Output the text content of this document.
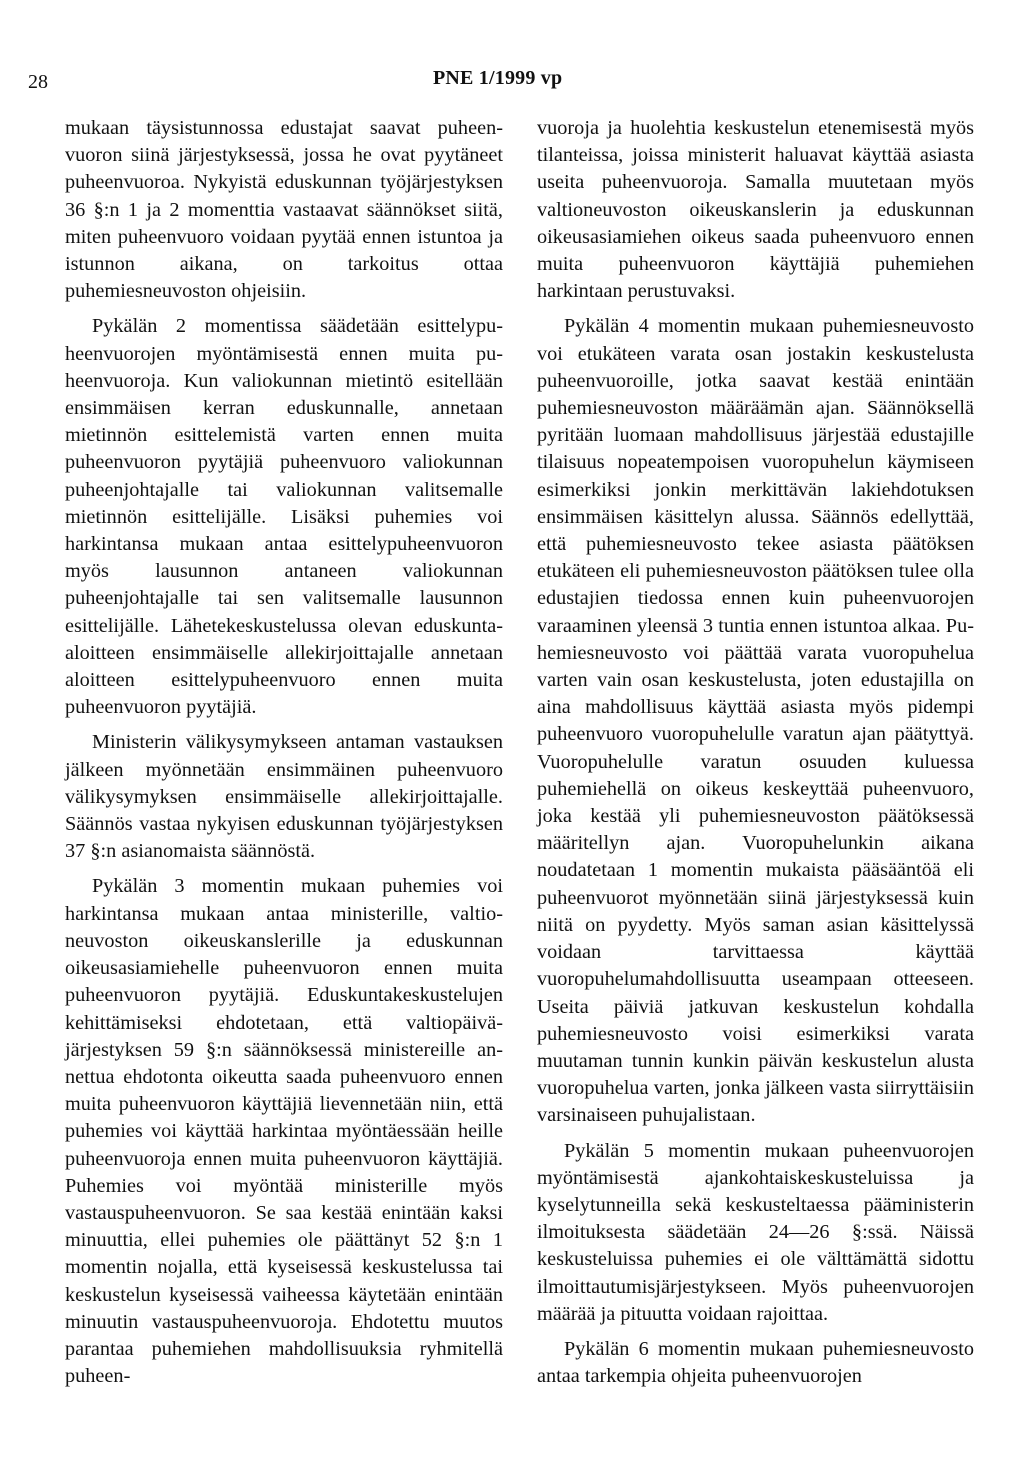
28	PNE 1/1999 vp

mukaan täysistunnossa edustajat saavat puheenvuoron siinä järjestyksessä, jossa he ovat pyytäneet puheenvuoroa. Nykyistä eduskunnan työjärjestyksen 36 §:n 1 ja 2 momenttia vastaavat säännökset siitä, miten puheenvuoro voidaan pyytää ennen istuntoa ja istunnon aikana, on tarkoitus ottaa puhemiesneuvoston ohjeisiin.

Pykälän 2 momentissa säädetään esittelypuheenvuorojen myöntämisestä ennen muita puheenvuoroja. Kun valiokunnan mietintö esitellään ensimmäisen kerran eduskunnalle, annetaan mietinnön esittelemistä varten ennen muita puheenvuoron pyytäjiä puheenvuoro valiokunnan puheenjohtajalle tai valiokunnan valitsemalle mietinnön esittelijälle. Lisäksi puhemies voi harkintansa mukaan antaa esittelypuheenvuoron myös lausunnon antaneen valiokunnan puheenjohtajalle tai sen valitsemalle lausunnon esittelijälle. Lähetekeskustelussa olevan eduskunta-aloitteen ensimmäiselle allekirjoittajalle annetaan aloitteen esittelypuheenvuoro ennen muita puheenvuoron pyytäjiä.

Ministerin välikysymykseen antaman vastauksen jälkeen myönnetään ensimmäinen puheenvuoro välikysymyksen ensimmäiselle allekirjoittajalle. Säännös vastaa nykyisen eduskunnan työjärjestyksen 37 §:n asianomaista säännöstä.

Pykälän 3 momentin mukaan puhemies voi harkintansa mukaan antaa ministerille, valtioneuvoston oikeuskanslerille ja eduskunnan oikeusasiamiehelle puheenvuoron ennen muita puheenvuoron pyytäjiä. Eduskuntakeskustelujen kehittämiseksi ehdotetaan, että valtiopäiväjärjestyksen 59 §:n säännöksessä ministereille annettua ehdotonta oikeutta saada puheenvuoro ennen muita puheenvuoron käyttäjiä lievennetään niin, että puhemies voi käyttää harkintaa myöntäessään heille puheenvuoroja ennen muita puheenvuoron käyttäjiä. Puhemies voi myöntää ministerille myös vastauspuheenvuoron. Se saa kestää enintään kaksi minuuttia, ellei puhemies ole päättänyt 52 §:n 1 momentin nojalla, että kyseisessä keskustelussa tai keskustelun kyseisessä vaiheessa käytetään enintään minuutin vastauspuheenvuoroja. Ehdotettu muutos parantaa puhemiehen mahdollisuuksia ryhmitellä puheen-

vuoroja ja huolehtia keskustelun etenemisestä myös tilanteissa, joissa ministerit haluavat käyttää asiasta useita puheenvuoroja. Samalla muutetaan myös valtioneuvoston oikeuskanslerin ja eduskunnan oikeusasiamiehen oikeus saada puheenvuoro ennen muita puheenvuoron käyttäjiä puhemiehen harkintaan perustuvaksi.

Pykälän 4 momentin mukaan puhemiesneuvosto voi etukäteen varata osan jostakin keskustelusta puheenvuoroille, jotka saavat kestää enintään puhemiesneuvoston määräämän ajan. Säännöksellä pyritään luomaan mahdollisuus järjestää edustajille tilaisuus nopeatempoisen vuoropuhelun käymiseen esimerkiksi jonkin merkittävän lakiehdotuksen ensimmäisen käsittelyn alussa. Säännös edellyttää, että puhemiesneuvosto tekee asiasta päätöksen etukäteen eli puhemiesneuvoston päätöksen tulee olla edustajien tiedossa ennen kuin puheenvuorojen varaaminen yleensä 3 tuntia ennen istuntoa alkaa. Puhemiesneuvosto voi päättää varata vuoropuhelua varten vain osan keskustelusta, joten edustajilla on aina mahdollisuus käyttää asiasta myös pidempi puheenvuoro vuoropuhelulle varatun ajan päätyttyä. Vuoropuhelulle varatun osuuden kuluessa puhemiehellä on oikeus keskeyttää puheenvuoro, joka kestää yli puhemiesneuvoston päätöksessä määritellyn ajan. Vuoropuhelunkin aikana noudatetaan 1 momentin mukaista pääsääntöä eli puheenvuorot myönnetään siinä järjestyksessä kuin niitä on pyydetty. Myös saman asian käsittelyssä voidaan tarvittaessa käyttää vuoropuhelumahdollisuutta useampaan otteeseen. Useita päiviä jatkuvan keskustelun kohdalla puhemiesneuvosto voisi esimerkiksi varata muutaman tunnin kunkin päivän keskustelun alusta vuoropuhelua varten, jonka jälkeen vasta siirryttäisiin varsinaiseen puhujalistaan.

Pykälän 5 momentin mukaan puheenvuorojen myöntämisestä ajankohtaiskeskusteluissa ja kyselytunneilla sekä keskusteltaessa pääministerin ilmoituksesta säädetään 24—26 §:ssä. Näissä keskusteluissa puhemies ei ole välttämättä sidottu ilmoittautumisjärjestykseen. Myös puheenvuorojen määrää ja pituutta voidaan rajoittaa.

Pykälän 6 momentin mukaan puhemiesneuvosto antaa tarkempia ohjeita puheenvuorojen
